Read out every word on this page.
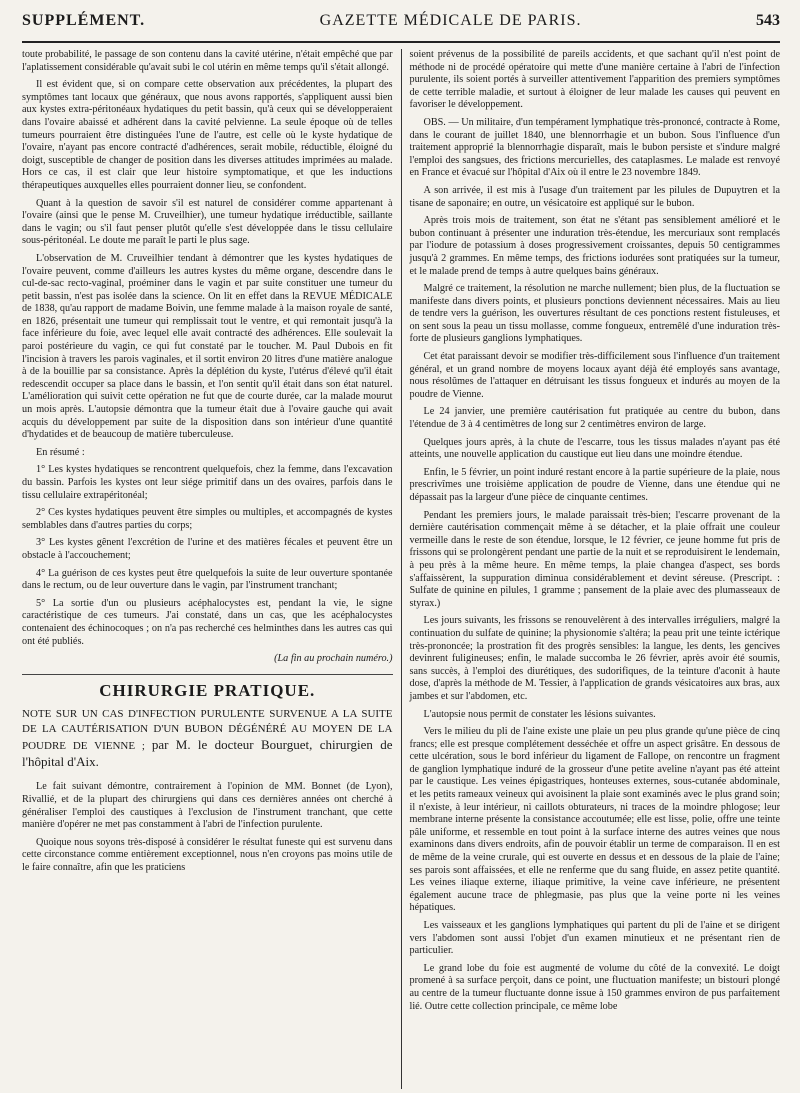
SUPPLÉMENT.	GAZETTE MÉDICALE DE PARIS.	543

toute probabilité, le passage de son contenu dans la cavité utérine, n'était empêché que par l'aplatissement considérable qu'avait subi le col utérin en même temps qu'il s'était allongé.

Il est évident que, si on compare cette observation aux précédentes, la plupart des symptômes tant locaux que généraux, que nous avons rapportés, s'appliquent aussi bien aux kystes extra-péritonéaux hydatiques du petit bassin, qu'à ceux qui se développeraient dans l'ovaire abaissé et adhérent dans la cavité pelvienne. La seule époque où de telles tumeurs pourraient être distinguées l'une de l'autre, est celle où le kyste hydatique de l'ovaire, n'ayant pas encore contracté d'adhérences, serait mobile, réductible, éloigné du doigt, susceptible de changer de position dans les diverses attitudes imprimées au malade. Hors ce cas, il est clair que leur histoire symptomatique, et que les inductions thérapeutiques auxquelles elles pourraient donner lieu, se confondent.

Quant à la question de savoir s'il est naturel de considérer comme appartenant à l'ovaire (ainsi que le pense M. Cruveilhier), une tumeur hydatique irréductible, saillante dans le vagin; ou s'il faut penser plutôt qu'elle s'est développée dans le tissu cellulaire sous-péritonéal. Le doute me paraît le parti le plus sage.

L'observation de M. Cruveilhier tendant à démontrer que les kystes hydatiques de l'ovaire peuvent, comme d'ailleurs les autres kystes du même organe, descendre dans le cul-de-sac recto-vaginal, proéminer dans le vagin et par suite constituer une tumeur du petit bassin, n'est pas isolée dans la science. On lit en effet dans la REVUE MÉDICALE de 1838, qu'au rapport de madame Boivin, une femme malade à la maison royale de santé, en 1826, présentait une tumeur qui remplissait tout le ventre, et qui remontait jusqu'à la face inférieure du foie, avec lequel elle avait contracté des adhérences. Elle soulevait la paroi postérieure du vagin, ce qui fut constaté par le toucher. M. Paul Dubois en fit l'incision à travers les parois vaginales, et il sortit environ 20 litres d'une matière analogue à de la bouillie par sa consistance. Après la déplétion du kyste, l'utérus d'élevé qu'il était redescendit occuper sa place dans le bassin, et l'on sentit qu'il était dans son état naturel. L'amélioration qui suivit cette opération ne fut que de courte durée, car la malade mourut un mois après. L'autopsie démontra que la tumeur était due à l'ovaire gauche qui avait acquis du développement par suite de la disposition dans son intérieur d'une quantité d'hydatides et de beaucoup de matière tuberculeuse.

En résumé :

1° Les kystes hydatiques se rencontrent quelquefois, chez la femme, dans l'excavation du bassin. Parfois les kystes ont leur siége primitif dans un des ovaires, parfois dans le tissu cellulaire extrapéritonéal;

2° Ces kystes hydatiques peuvent être simples ou multiples, et accompagnés de kystes semblables dans d'autres parties du corps;

3° Les kystes gênent l'excrétion de l'urine et des matières fécales et peuvent être un obstacle à l'accouchement;

4° La guérison de ces kystes peut être quelquefois la suite de leur ouverture spontanée dans le rectum, ou de leur ouverture dans le vagin, par l'instrument tranchant;

5° La sortie d'un ou plusieurs acéphalocystes est, pendant la vie, le signe caractéristique de ces tumeurs. J'ai constaté, dans un cas, que les acéphalocystes contenaient des échinocoques ; on n'a pas recherché ces helminthes dans les autres cas qui ont été publiés.

(La fin au prochain numéro.)
CHIRURGIE PRATIQUE.
NOTE SUR UN CAS D'INFECTION PURULENTE SURVENUE A LA SUITE DE LA CAUTÉRISATION D'UN BUBON DÉGÉNÉRÉ AU MOYEN DE LA POUDRE DE VIENNE ; par M. le docteur Bourguet, chirurgien de l'hôpital d'Aix.

Le fait suivant démontre, contrairement à l'opinion de MM. Bonnet (de Lyon), Rivallié, et de la plupart des chirurgiens qui dans ces dernières années ont cherché à généraliser l'emploi des caustiques à l'exclusion de l'instrument tranchant, que cette manière d'opérer ne met pas constamment à l'abri de l'infection purulente.

Quoique nous soyons très-disposé à considérer le résultat funeste qui est survenu dans cette circonstance comme entièrement exceptionnel, nous n'en croyons pas moins utile de le faire connaître, afin que les praticiens

soient prévenus de la possibilité de pareils accidents, et que sachant qu'il n'est point de méthode ni de procédé opératoire qui mette d'une manière certaine à l'abri de l'infection purulente, ils soient portés à surveiller attentivement l'apparition des premiers symptômes de cette terrible maladie, et surtout à éloigner de leur malade les causes qui peuvent en favoriser le développement.

OBS. — Un militaire, d'un tempérament lymphatique très-prononcé, contracte à Rome, dans le courant de juillet 1840, une blennorrhagie et un bubon. Sous l'influence d'un traitement approprié la blennorrhagie disparaît, mais le bubon persiste et s'indure malgré l'emploi des sangsues, des frictions mercurielles, des cataplasmes. Le malade est renvoyé en France et évacué sur l'hôpital d'Aix où il entre le 23 novembre 1849.

A son arrivée, il est mis à l'usage d'un traitement par les pilules de Dupuytren et la tisane de saponaire; en outre, un vésicatoire est appliqué sur le bubon.

Après trois mois de traitement, son état ne s'étant pas sensiblement amélioré et le bubon continuant à présenter une induration très-étendue, les mercuriaux sont remplacés par l'iodure de potassium à doses progressivement croissantes, depuis 50 centigrammes jusqu'à 2 grammes. En même temps, des frictions iodurées sont pratiquées sur la tumeur, et le malade prend de temps à autre quelques bains généraux.

Malgré ce traitement, la résolution ne marche nullement; bien plus, de la fluctuation se manifeste dans divers points, et plusieurs ponctions deviennent nécessaires. Mais au lieu de tendre vers la guérison, les ouvertures résultant de ces ponctions restent fistuleuses, et on sent sous la peau un tissu mollasse, comme fongueux, entremêlé d'une induration très-forte de plusieurs ganglions lymphatiques.

Cet état paraissant devoir se modifier très-difficilement sous l'influence d'un traitement général, et un grand nombre de moyens locaux ayant déjà été employés sans avantage, nous résolûmes de l'attaquer en détruisant les tissus fongueux et indurés au moyen de la poudre de Vienne.

Le 24 janvier, une première cautérisation fut pratiquée au centre du bubon, dans l'étendue de 3 à 4 centimètres de long sur 2 centimètres environ de large.

Quelques jours après, à la chute de l'escarre, tous les tissus malades n'ayant pas été atteints, une nouvelle application du caustique eut lieu dans une moindre étendue.

Enfin, le 5 février, un point induré restant encore à la partie supérieure de la plaie, nous prescrivîmes une troisième application de poudre de Vienne, dans une étendue qui ne dépassait pas la largeur d'une pièce de cinquante centimes.

Pendant les premiers jours, le malade paraissait très-bien; l'escarre provenant de la dernière cautérisation commençait même à se détacher, et la plaie offrait une couleur vermeille dans le reste de son étendue, lorsque, le 12 février, ce jeune homme fut pris de frissons qui se prolongèrent pendant une partie de la nuit et se reproduisirent le lendemain, à peu près à la même heure. En même temps, la plaie changea d'aspect, ses bords s'affaissèrent, la suppuration diminua considérablement et devint séreuse. (Prescript. : Sulfate de quinine en pilules, 1 gramme ; pansement de la plaie avec des plumasseaux de styrax.)

Les jours suivants, les frissons se renouvelèrent à des intervalles irréguliers, malgré la continuation du sulfate de quinine; la physionomie s'altéra; la peau prit une teinte ictérique très-prononcée; la prostration fit des progrès sensibles: la langue, les dents, les gencives devinrent fuligineuses; enfin, le malade succomba le 26 février, après avoir été soumis, sans succès, à l'emploi des diurétiques, des sudorifiques, de la teinture d'aconit à haute dose, d'après la méthode de M. Tessier, à l'application de grands vésicatoires aux bras, aux jambes et sur l'abdomen, etc.

L'autopsie nous permit de constater les lésions suivantes.

Vers le milieu du pli de l'aine existe une plaie un peu plus grande qu'une pièce de cinq francs; elle est presque complétement desséchée et offre un aspect grisâtre. En dessous de cette ulcération, sous le bord inférieur du ligament de Fallope, on rencontre un fragment de ganglion lymphatique induré de la grosseur d'une petite aveline n'ayant pas été atteint par le caustique. Les veines épigastriques, honteuses externes, sous-cutanée abdominale, et les petits rameaux veineux qui avoisinent la plaie sont examinés avec le plus grand soin; il n'existe, à leur intérieur, ni caillots obturateurs, ni traces de la moindre phlogose; leur membrane interne présente la consistance accoutumée; elle est lisse, polie, offre une teinte pâle uniforme, et ressemble en tout point à la surface interne des autres veines que nous examinons dans divers endroits, afin de pouvoir établir un terme de comparaison. Il en est de même de la veine crurale, qui est ouverte en dessus et en dessous de la plaie de l'aine; ses parois sont affaissées, et elle ne renferme que du sang fluide, en assez petite quantité. Les veines iliaque externe, iliaque primitive, la veine cave inférieure, ne présentent également aucune trace de phlegmasie, pas plus que la veine porte ni les veines hépatiques.

Les vaisseaux et les ganglions lymphatiques qui partent du pli de l'aine et se dirigent vers l'abdomen sont aussi l'objet d'un examen minutieux et ne présentant rien de particulier.

Le grand lobe du foie est augmenté de volume du côté de la convexité. Le doigt promené à sa surface perçoit, dans ce point, une fluctuation manifeste; un bistouri plongé au centre de la tumeur fluctuante donne issue à 150 grammes environ de pus parfaitement lié. Outre cette collection principale, ce même lobe
